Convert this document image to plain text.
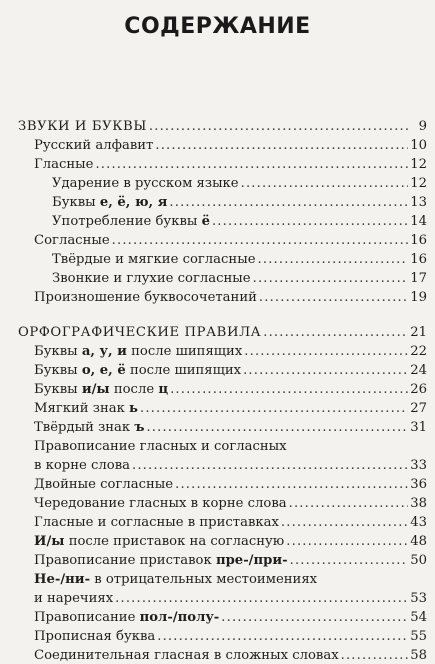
СОДЕРЖАНИЕ
ЗВУКИ И БУКВЫ .....	9
Русский алфавит .....	10
Гласные .....	12
Ударение в русском языке .....	12
Буквы е, ё, ю, я .....	13
Употребление буквы ё .....	14
Согласные .....	16
Твёрдые и мягкие согласные .....	16
Звонкие и глухие согласные .....	17
Произношение буквосочетаний .....	19
ОРФОГРАФИЧЕСКИЕ ПРАВИЛА .....	21
Буквы а, у, и после шипящих .....	22
Буквы о, е, ё после шипящих .....	24
Буквы и/ы после ц .....	26
Мягкий знак ь .....	27
Твёрдый знак ъ .....	31
Правописание гласных и согласных
в корне слова .....	33
Двойные согласные .....	36
Чередование гласных в корне слова .....	38
Гласные и согласные в приставках .....	43
И/ы после приставок на согласную .....	48
Правописание приставок пре-/при- .....	50
Не-/ни- в отрицательных местоимениях
и наречиях .....	53
Правописание пол-/полу- .....	54
Прописная буква .....	55
Соединительная гласная в сложных словах .....	58
